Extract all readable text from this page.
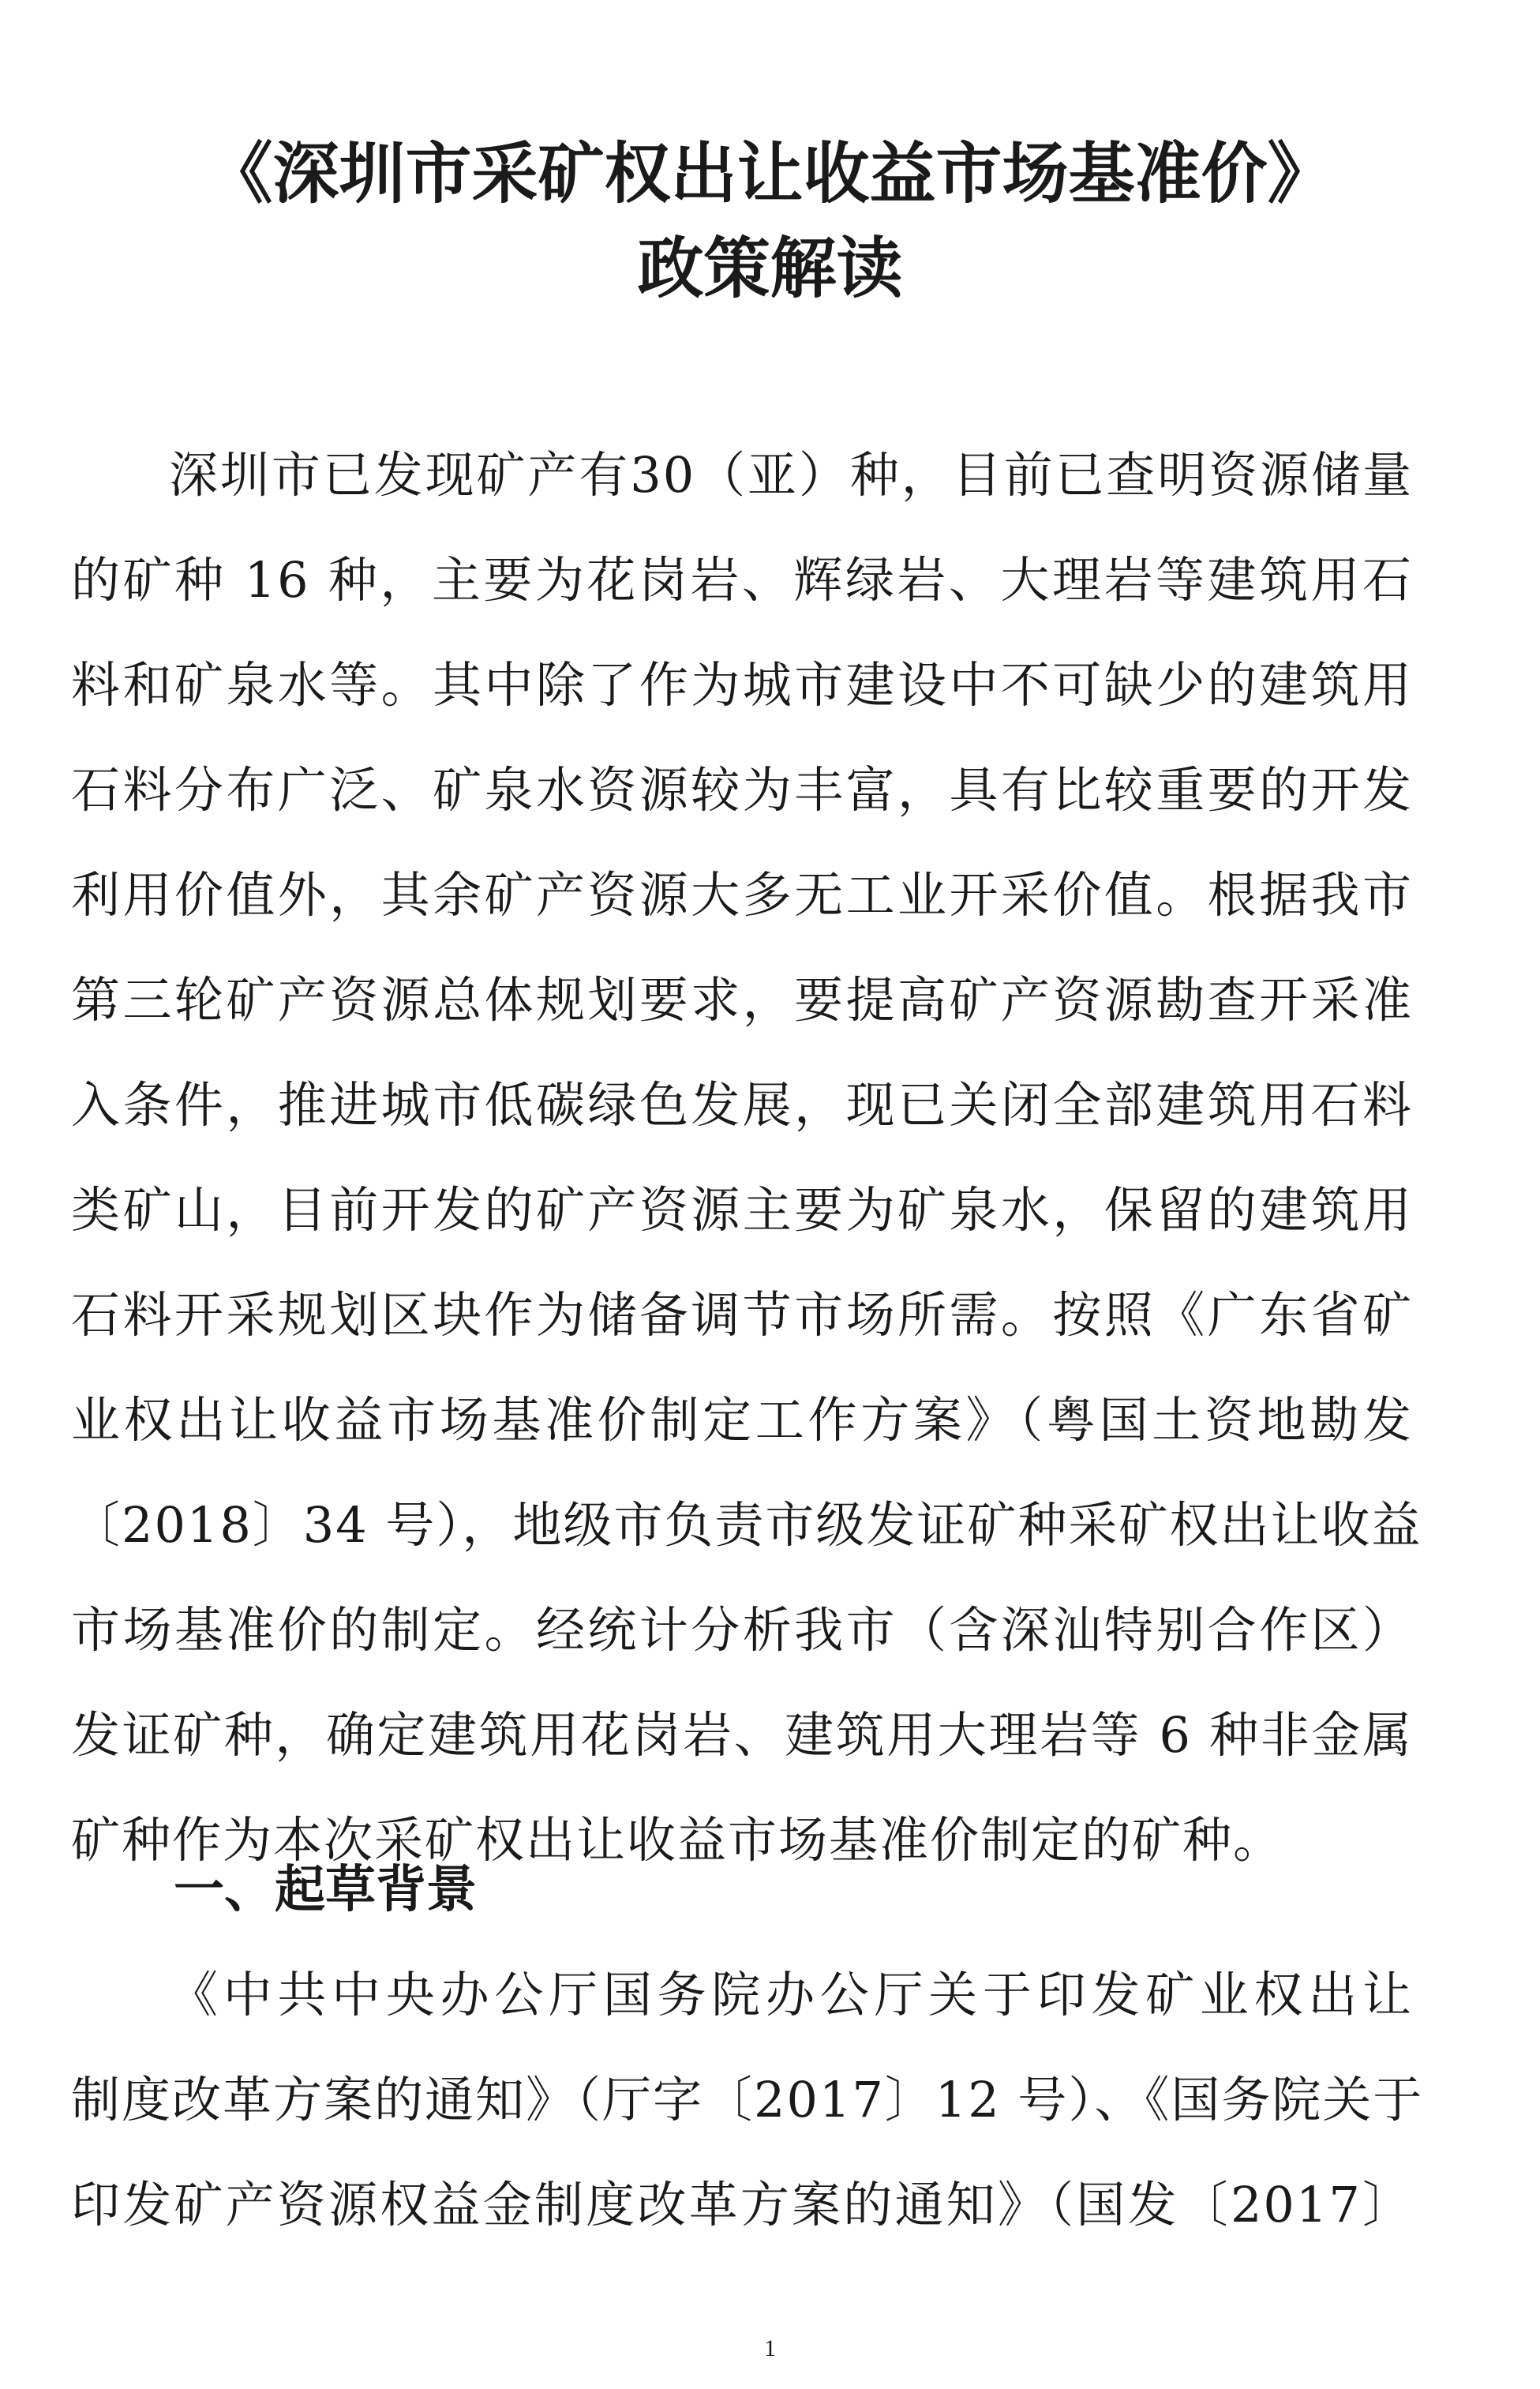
《深圳市采矿权出让收益市场基准价》
政策解读
深圳市已发现矿产有30（亚）种，目前已查明资源储量
的矿种 16 种，主要为花岗岩、辉绿岩、大理岩等建筑用石
料和矿泉水等。其中除了作为城市建设中不可缺少的建筑用
石料分布广泛、矿泉水资源较为丰富，具有比较重要的开发
利用价值外，其余矿产资源大多无工业开采价值。根据我市
第三轮矿产资源总体规划要求，要提高矿产资源勘查开采准
入条件，推进城市低碳绿色发展，现已关闭全部建筑用石料
类矿山，目前开发的矿产资源主要为矿泉水，保留的建筑用
石料开采规划区块作为储备调节市场所需。按照《广东省矿
业权出让收益市场基准价制定工作方案》（粤国土资地勘发
〔2018〕34 号），地级市负责市级发证矿种采矿权出让收益
市场基准价的制定。经统计分析我市（含深汕特别合作区）
发证矿种，确定建筑用花岗岩、建筑用大理岩等 6 种非金属
矿种作为本次采矿权出让收益市场基准价制定的矿种。
一、起草背景
《中共中央办公厅国务院办公厅关于印发矿业权出让
制度改革方案的通知》（厅字〔2017〕12 号）、《国务院关于
印发矿产资源权益金制度改革方案的通知》（国发〔2017〕
1
